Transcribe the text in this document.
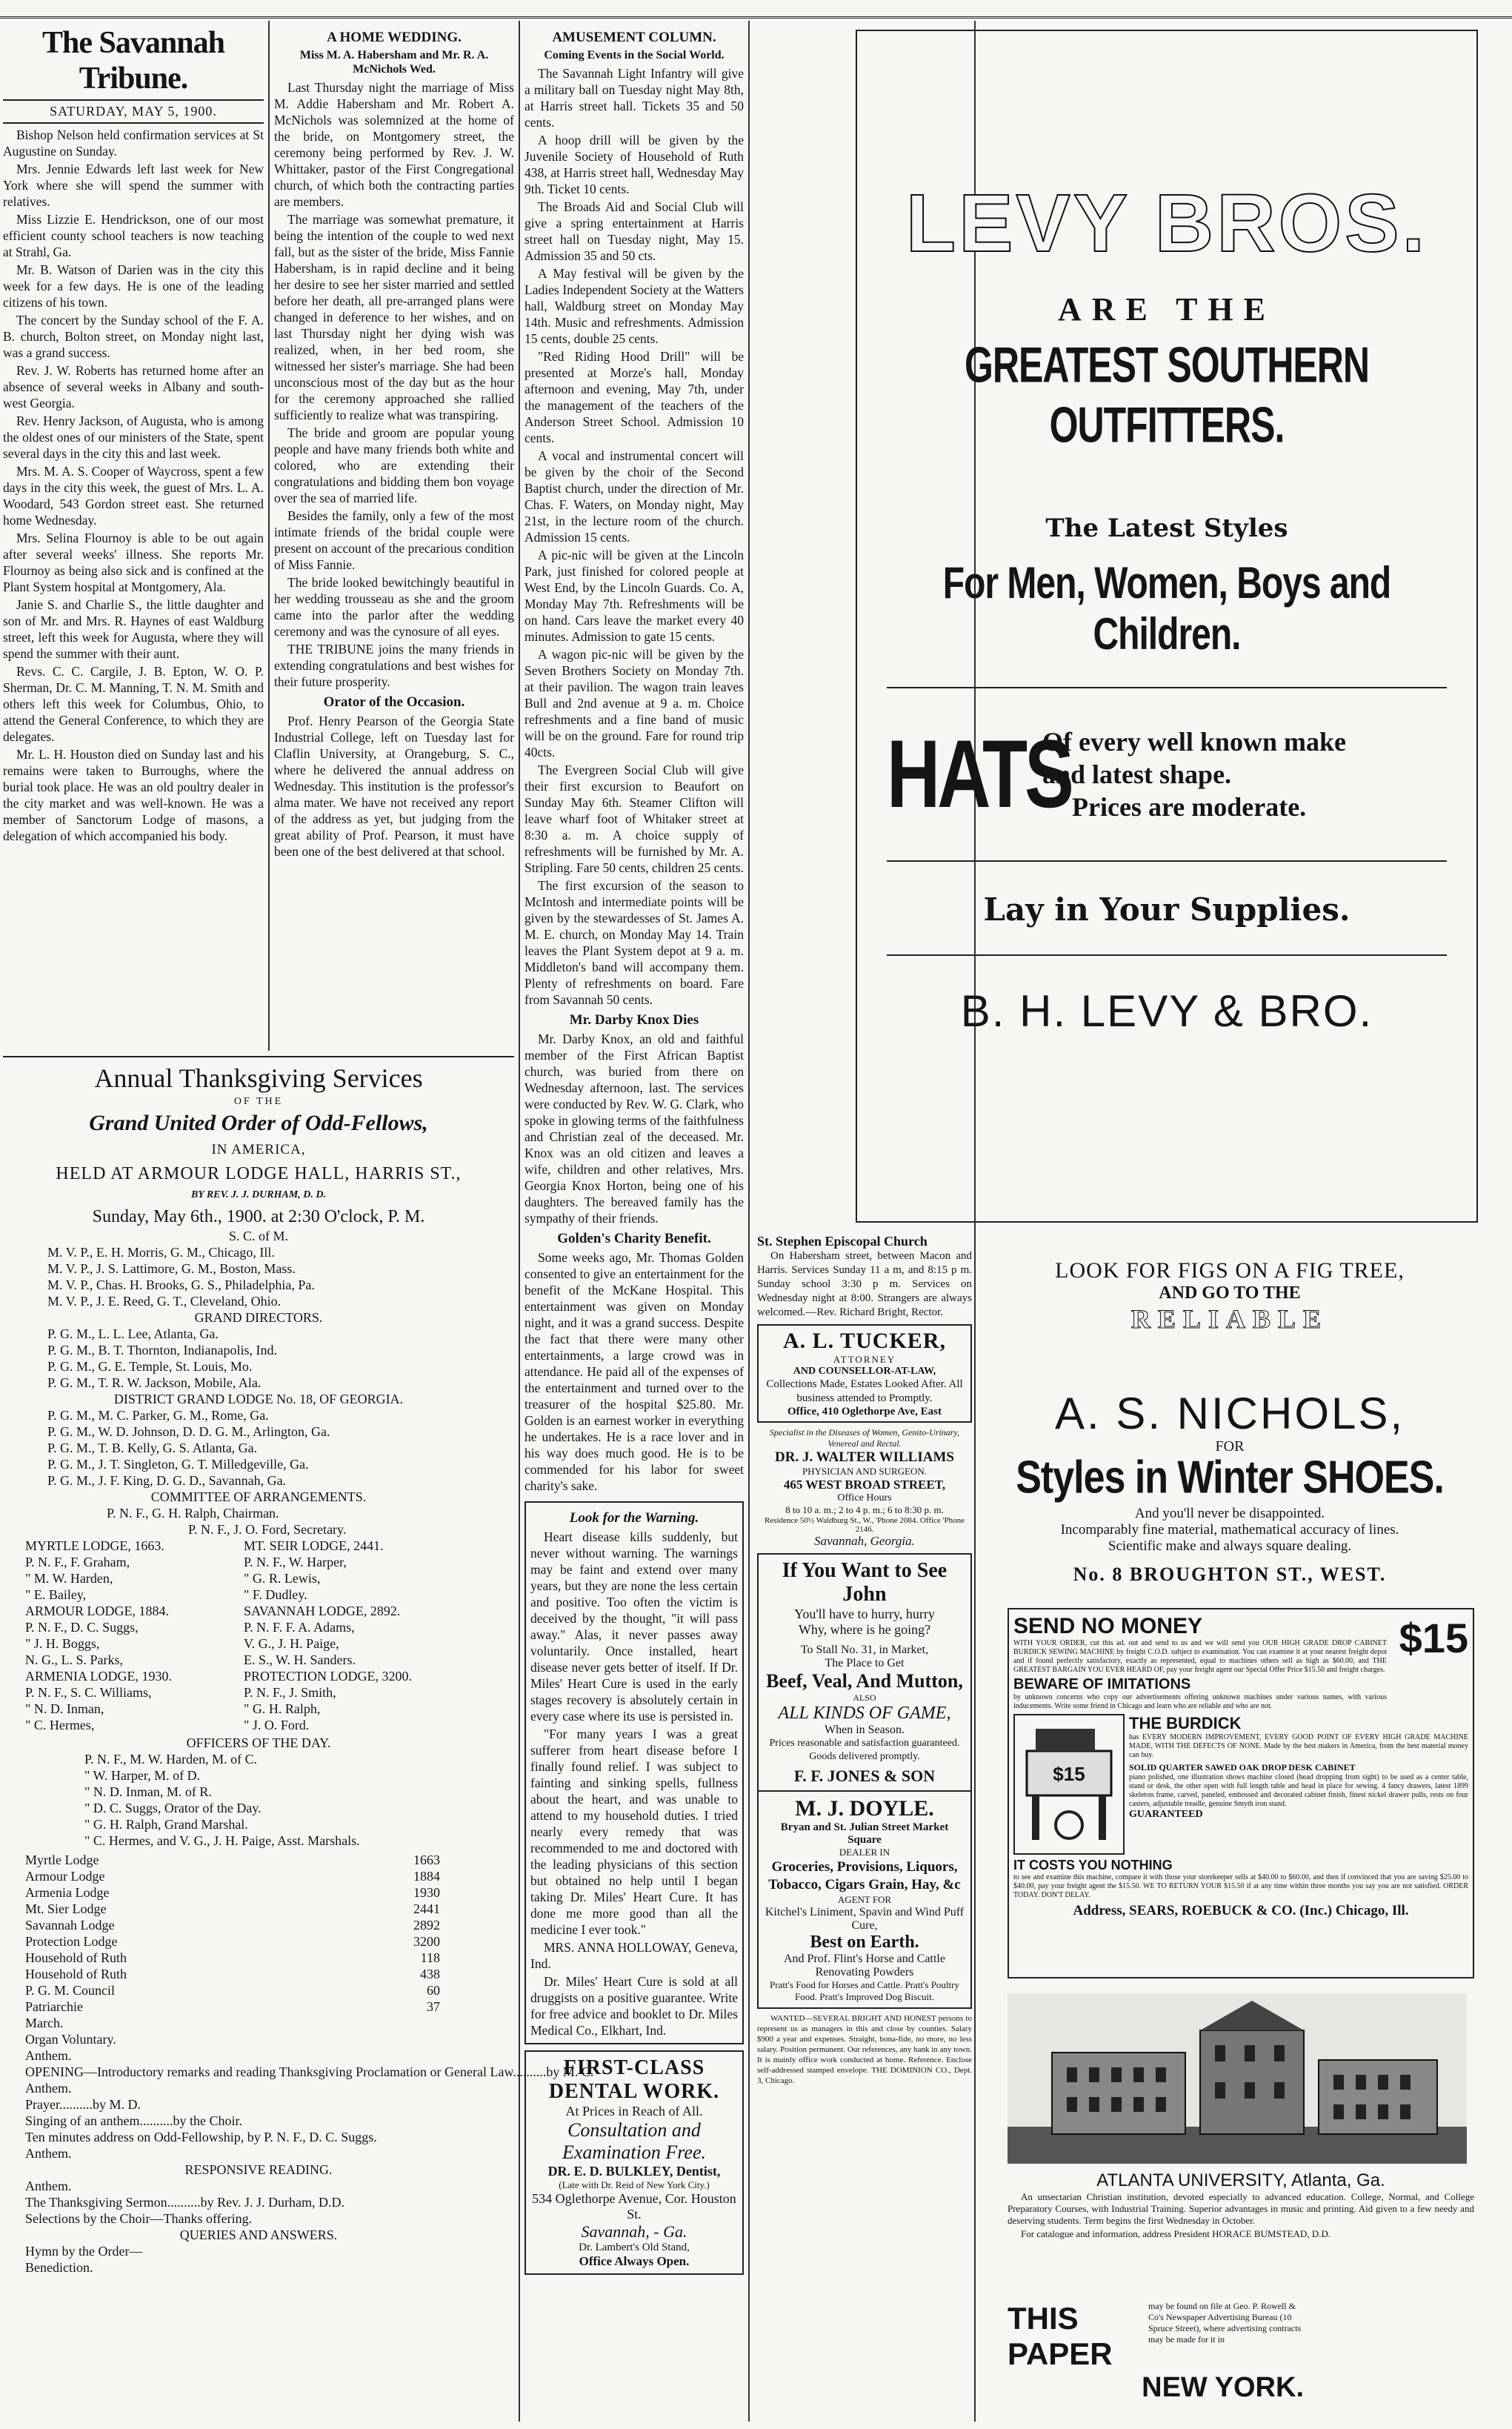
The Savannah Tribune.
SATURDAY, MAY 5, 1900.

Bishop Nelson held confirmation services at St Augustine on Sunday.

Mrs. Jennie Edwards left last week for New York where she will spend the summer with relatives.

Miss Lizzie E. Hendrickson, one of our most efficient county school teachers is now teaching at Strahl, Ga.

Mr. B. Watson of Darien was in the city this week for a few days. He is one of the leading citizens of his town.

The concert by the Sunday school of the F. A. B. church, Bolton street, on Monday night last, was a grand success.

Rev. J. W. Roberts has returned home after an absence of several weeks in Albany and south-west Georgia.

Rev. Henry Jackson, of Augusta, who is among the oldest ones of our ministers of the State, spent several days in the city this and last week.

Mrs. M. A. S. Cooper of Waycross, spent a few days in the city this week, the guest of Mrs. L. A. Woodard, 543 Gordon street east. She returned home Wednesday.

Mrs. Selina Flournoy is able to be out again after several weeks' illness. She reports Mr. Flournoy as being also sick and is confined at the Plant System hospital at Montgomery, Ala.

Janie S. and Charlie S., the little daughter and son of Mr. and Mrs. R. Haynes of east Waldburg street, left this week for Augusta, where they will spend the summer with their aunt.

Revs. C. C. Cargile, J. B. Epton, W. O. P. Sherman, Dr. C. M. Manning, T. N. M. Smith and others left this week for Columbus, Ohio, to attend the General Conference, to which they are delegates.

Mr. L. H. Houston died on Sunday last and his remains were taken to Burroughs, where the burial took place. He was an old poultry dealer in the city market and was well-known. He was a member of Sanctorum Lodge of masons, a delegation of which accompanied his body.

A HOME WEDDING.
Miss M. A. Habersham and Mr. R. A. McNichols Wed.

Last Thursday night the marriage of Miss M. Addie Habersham and Mr. Robert A. McNichols was solemnized at the home of the bride, on Montgomery street, the ceremony being performed by Rev. J. W. Whittaker, pastor of the First Congregational church, of which both the contracting parties are members.

The marriage was somewhat premature, it being the intention of the couple to wed next fall, but as the sister of the bride, Miss Fannie Habersham, is in rapid decline and it being her desire to see her sister married and settled before her death, all pre-arranged plans were changed in deference to her wishes, and on last Thursday night her dying wish was realized, when, in her bed room, she witnessed her sister's marriage. She had been unconscious most of the day but as the hour for the ceremony approached she rallied sufficiently to realize what was transpiring.

The bride and groom are popular young people and have many friends both white and colored, who are extending their congratulations and bidding them bon voyage over the sea of married life.

Besides the family, only a few of the most intimate friends of the bridal couple were present on account of the precarious condition of Miss Fannie.

The bride looked bewitchingly beautiful in her wedding trousseau as she and the groom came into the parlor after the wedding ceremony and was the cynosure of all eyes.

THE TRIBUNE joins the many friends in extending congratulations and best wishes for their future prosperity.

Orator of the Occasion.

Prof. Henry Pearson of the Georgia State Industrial College, left on Tuesday last for Claflin University, at Orangeburg, S. C., where he delivered the annual address on Wednesday. This institution is the professor's alma mater. We have not received any report of the address as yet, but judging from the great ability of Prof. Pearson, it must have been one of the best delivered at that school.

Annual Thanksgiving Services
OF THE
Grand United Order of Odd-Fellows,
IN AMERICA,
HELD AT ARMOUR LODGE HALL, HARRIS ST.,
BY REV. J. J. DURHAM, D. D.
Sunday, May 6th., 1900. at 2:30 O'clock, P. M.
S. C. of M.
M. V. P., E. H. Morris, G. M., Chicago, Ill.
M. V. P., J. S. Lattimore, G. M., Boston, Mass.
M. V. P., Chas. H. Brooks, G. S., Philadelphia, Pa.
M. V. P., J. E. Reed, G. T., Cleveland, Ohio.
GRAND DIRECTORS.
P. G. M., L. L. Lee, Atlanta, Ga.
P. G. M., B. T. Thornton, Indianapolis, Ind.
P. G. M., G. E. Temple, St. Louis, Mo.
P. G. M., T. R. W. Jackson, Mobile, Ala.
DISTRICT GRAND LODGE No. 18, OF GEORGIA.
P. G. M., M. C. Parker, G. M., Rome, Ga.
P. G. M., W. D. Johnson, D. D. G. M., Arlington, Ga.
P. G. M., T. B. Kelly, G. S. Atlanta, Ga.
P. G. M., J. T. Singleton, G. T. Milledgeville, Ga.
P. G. M., J. F. King, D. G. D., Savannah, Ga.
COMMITTEE OF ARRANGEMENTS.
P. N. F., G. H. Ralph, Chairman.
P. N. F., J. O. Ford, Secretary.
MYRTLE LODGE, 1663.	MT. SEIR LODGE, 2441.
P. N. F., F. Graham,	P. N. F., W. Harper,
" M. W. Harden,	" G. R. Lewis,
" E. Bailey,	" F. Dudley.
ARMOUR LODGE, 1884.	SAVANNAH LODGE, 2892.
P. N. F., D. C. Suggs,	P. N. F. F. A. Adams,
" J. H. Boggs,	V. G., J. H. Paige,
N. G., L. S. Parks,	E. S., W. H. Sanders.
ARMENIA LODGE, 1930.	PROTECTION LODGE, 3200.
P. N. F., S. C. Williams,	P. N. F., J. Smith,
" N. D. Inman,	" G. H. Ralph,
" C. Hermes,	" J. O. Ford.
OFFICERS OF THE DAY.
P. N. F., M. W. Harden, M. of C.
" W. Harper, M. of D.
" N. D. Inman, M. of R.
" D. C. Suggs, Orator of the Day.
" G. H. Ralph, Grand Marshal.
" C. Hermes, and V. G., J. H. Paige, Asst. Marshals.
Myrtle Lodge	1663
Armour Lodge	1884
Armenia Lodge	1930
Mt. Sier Lodge	2441
Savannah Lodge	2892
Protection Lodge	3200
Household of Ruth	118
Household of Ruth	438
P. G. M. Council	60
Patriarchie	37
March.
Organ Voluntary.
Anthem.
OPENING—Introductory remarks and reading Thanksgiving Proclamation or General Law..........by M. C.
Anthem.
Prayer..........by M. D.
Singing of an anthem..........by the Choir.
Ten minutes address on Odd-Fellowship, by P. N. F., D. C. Suggs.
Anthem.
RESPONSIVE READING.
Anthem.
The Thanksgiving Sermon..........by Rev. J. J. Durham, D.D.
Selections by the Choir—Thanks offering.
QUERIES AND ANSWERS.
Hymn by the Order—
Benediction.
AMUSEMENT COLUMN.
Coming Events in the Social World.

The Savannah Light Infantry will give a military ball on Tuesday night May 8th, at Harris street hall. Tickets 35 and 50 cents.

A hoop drill will be given by the Juvenile Society of Household of Ruth 438, at Harris street hall, Wednesday May 9th. Ticket 10 cents.

The Broads Aid and Social Club will give a spring entertainment at Harris street hall on Tuesday night, May 15. Admission 35 and 50 cts.

A May festival will be given by the Ladies Independent Society at the Watters hall, Waldburg street on Monday May 14th. Music and refreshments. Admission 15 cents, double 25 cents.

"Red Riding Hood Drill" will be presented at Morze's hall, Monday afternoon and evening, May 7th, under the management of the teachers of the Anderson Street School. Admission 10 cents.

A vocal and instrumental concert will be given by the choir of the Second Baptist church, under the direction of Mr. Chas. F. Waters, on Monday night, May 21st, in the lecture room of the church. Admission 15 cents.

A pic-nic will be given at the Lincoln Park, just finished for colored people at West End, by the Lincoln Guards. Co. A, Monday May 7th. Refreshments will be on hand. Cars leave the market every 40 minutes. Admission to gate 15 cents.

A wagon pic-nic will be given by the Seven Brothers Society on Monday 7th. at their pavilion. The wagon train leaves Bull and 2nd avenue at 9 a. m. Choice refreshments and a fine band of music will be on the ground. Fare for round trip 40cts.

The Evergreen Social Club will give their first excursion to Beaufort on Sunday May 6th. Steamer Clifton will leave wharf foot of Whitaker street at 8:30 a. m. A choice supply of refreshments will be furnished by Mr. A. Stripling. Fare 50 cents, children 25 cents.

The first excursion of the season to McIntosh and intermediate points will be given by the stewardesses of St. James A. M. E. church, on Monday May 14. Train leaves the Plant System depot at 9 a. m. Middleton's band will accompany them. Plenty of refreshments on board. Fare from Savannah 50 cents.

Mr. Darby Knox Dies

Mr. Darby Knox, an old and faithful member of the First African Baptist church, was buried from there on Wednesday afternoon, last. The services were conducted by Rev. W. G. Clark, who spoke in glowing terms of the faithfulness and Christian zeal of the deceased. Mr. Knox was an old citizen and leaves a wife, children and other relatives, Mrs. Georgia Knox Horton, being one of his daughters. The bereaved family has the sympathy of their friends.

Golden's Charity Benefit.

Some weeks ago, Mr. Thomas Golden consented to give an entertainment for the benefit of the McKane Hospital. This entertainment was given on Monday night, and it was a grand success. Despite the fact that there were many other entertainments, a large crowd was in attendance. He paid all of the expenses of the entertainment and turned over to the treasurer of the hospital $25.80. Mr. Golden is an earnest worker in everything he undertakes. He is a race lover and in his way does much good. He is to be commended for his labor for sweet charity's sake.

Look for the Warning.

Heart disease kills suddenly, but never without warning. The warnings may be faint and extend over many years, but they are none the less certain and positive. Too often the victim is deceived by the thought, "it will pass away." Alas, it never passes away voluntarily. Once installed, heart disease never gets better of itself. If Dr. Miles' Heart Cure is used in the early stages recovery is absolutely certain in every case where its use is persisted in.

"For many years I was a great sufferer from heart disease before I finally found relief. I was subject to fainting and sinking spells, fullness about the heart, and was unable to attend to my household duties. I tried nearly every remedy that was recommended to me and doctored with the leading physicians of this section but obtained no help until I began taking Dr. Miles' Heart Cure. It has done me more good than all the medicine I ever took."

MRS. ANNA HOLLOWAY, Geneva, Ind.

Dr. Miles' Heart Cure is sold at all druggists on a positive guarantee. Write for free advice and booklet to Dr. Miles Medical Co., Elkhart, Ind.

FIRST-CLASS DENTAL WORK.
At Prices in Reach of All.
Consultation and Examination Free.
DR. E. D. BULKLEY, Dentist,
(Late with Dr. Reid of New York City.)
534 Oglethorpe Avenue, Cor. Houston St.
Savannah, - Ga.
Dr. Lambert's Old Stand,
Office Always Open.
LEVY BROS.
ARE THE
GREATEST SOUTHERN OUTFITTERS.
The Latest Styles
For Men, Women, Boys and Children.
HATS
Of every well known make
and latest shape.
Prices are moderate.
Lay in Your Supplies.
B. H. LEVY & BRO.
St. Stephen Episcopal Church

On Habersham street, between Macon and Harris. Services Sunday 11 a m, and 8:15 p m. Sunday school 3:30 p m. Services on Wednesday night at 8:00. Strangers are always welcomed.—Rev. Richard Bright, Rector.

A. L. TUCKER,
ATTORNEY
AND COUNSELLOR-AT-LAW,
Collections Made, Estates Looked After. All business attended to Promptly.
Office, 410 Oglethorpe Ave, East
Specialist in the Diseases of Women, Genito-Urinary, Venereal and Rectal.
DR. J. WALTER WILLIAMS
PHYSICIAN AND SURGEON.
465 WEST BROAD STREET,
Office Hours
8 to 10 a. m.; 2 to 4 p. m.; 6 to 8:30 p. m.
Residence 50½ Waldburg St., W., 'Phone 2084. Office 'Phone 2146.
Savannah, Georgia.
If You Want to See John
You'll have to hurry, hurry
Why, where is he going?
To Stall No. 31, in Market,
The Place to Get
Beef, Veal, And Mutton,
ALSO
ALL KINDS OF GAME,
When in Season.
Prices reasonable and satisfaction guaranteed. Goods delivered promptly.
F. F. JONES & SON
M. J. DOYLE.
Bryan and St. Julian Street Market Square
DEALER IN
Groceries, Provisions, Liquors, Tobacco, Cigars Grain, Hay, &c
AGENT FOR
Kitchel's Liniment, Spavin and Wind Puff Cure,
Best on Earth.
And Prof. Flint's Horse and Cattle Renovating Powders
Pratt's Food for Horses and Cattle. Pratt's Poultry Food. Pratt's Improved Dog Biscuit.

WANTED—SEVERAL BRIGHT AND HONEST persons to represent us as managers in this and close by counties. Salary $900 a year and expenses. Straight, bona-fide, no more, no less salary. Position permanent. Our references, any bank in any town. It is mainly office work conducted at home. Reference. Enclose self-addressed stamped envelope. THE DOMINION CO., Dept. 3, Chicago.

LOOK FOR FIGS ON A FIG TREE,
AND GO TO THE
RELIABLE
A. S. NICHOLS,
FOR
Styles in Winter SHOES.
And you'll never be disappointed.
Incomparably fine material, mathematical accuracy of lines.
Scientific make and always square dealing.
No. 8 BROUGHTON ST., WEST.
SEND NO MONEY
WITH YOUR ORDER, cut this ad. out and send to us and we will send you OUR HIGH GRADE DROP CABINET BURDICK SEWING MACHINE by freight C.O.D. subject to examination. You can examine it at your nearest freight depot and if found perfectly satisfactory, exactly as represented, equal to machines others sell as high as $60.00, and THE GREATEST BARGAIN YOU EVER HEARD OF, pay your freight agent our Special Offer Price $15.50 and freight charges.
BEWARE OF IMITATIONS
by unknown concerns who copy our advertisements offering unknown machines under various names, with various inducements. Write some friend in Chicago and learn who are reliable and who are not.
$15
$15
THE BURDICK
has EVERY MODERN IMPROVEMENT, EVERY GOOD POINT OF EVERY HIGH GRADE MACHINE MADE, WITH THE DEFECTS OF NONE. Made by the best makers in America, from the best material money can buy.
SOLID QUARTER SAWED OAK DROP DESK CABINET
piano polished, one illustration shows machine closed (head dropping from sight) to be used as a center table, stand or desk, the other open with full length table and head in place for sewing. 4 fancy drawers, latest 1899 skeleton frame, carved, paneled, embossed and decorated cabinet finish, finest nickel drawer pulls, rests on four casters, adjustable treadle, genuine Smyth iron stand.
GUARANTEED
IT COSTS YOU NOTHING
to see and examine this machine, compare it with those your storekeeper sells at $40.00 to $60.00, and then if convinced that you are saving $25.00 to $40.00, pay your freight agent the $15.50. WE TO RETURN YOUR $15.50 if at any time within three months you say you are not satisfied. ORDER TODAY. DON'T DELAY.
Address, SEARS, ROEBUCK & CO. (Inc.) Chicago, Ill.
ATLANTA UNIVERSITY, Atlanta, Ga.

An unsectarian Christian institution, devoted especially to advanced education. College, Normal, and College Preparatory Courses, with Industrial Training. Superior advantages in music and printing. Aid given to a few needy and deserving students. Term begins the first Wednesday in October.

For catalogue and information, address President HORACE BUMSTEAD, D.D.

THIS PAPER
may be found on file at Geo. P. Rowell & Co's Newspaper Advertising Bureau (10 Spruce Street), where advertising contracts may be made for it in
NEW YORK.
